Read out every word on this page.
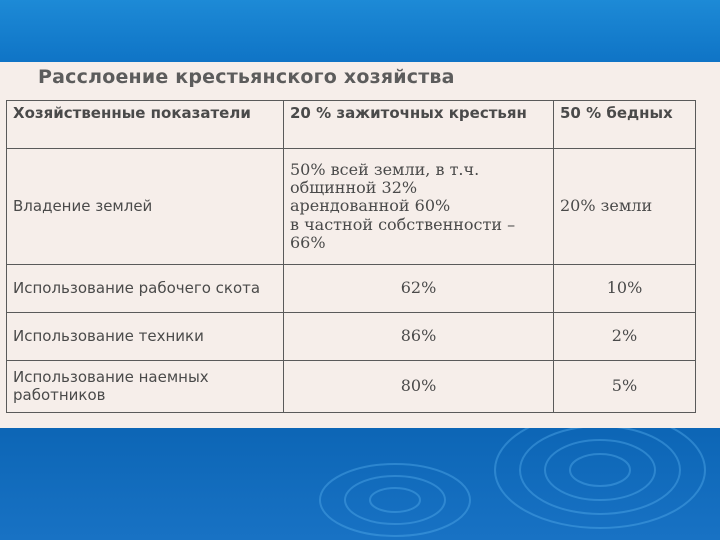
Расслоение крестьянского хозяйства
Хозяйственные показатели	20 % зажиточных крестьян	50 % бедных
Владение землей	50% всей земли, в т.ч.
общинной 32%
арендованной 60%
в частной собственности –
66%	20% земли
Использование рабочего скота	62%	10%
Использование техники	86%	2%

Использование наемных
работников	80%	5%
